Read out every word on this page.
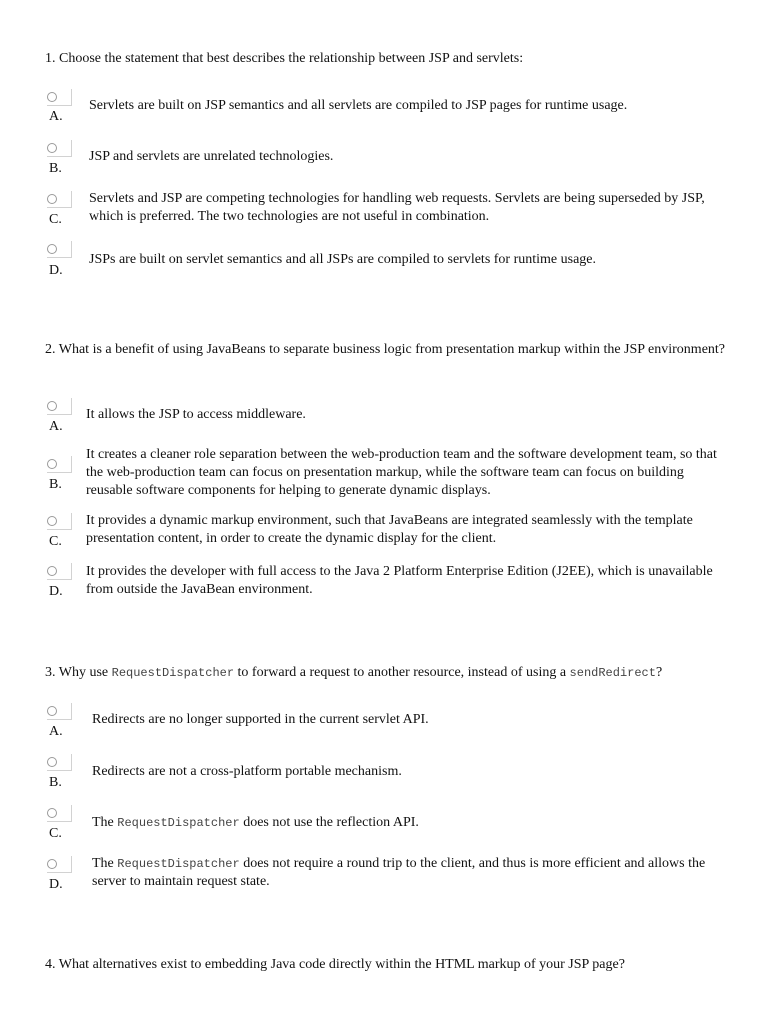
1. Choose the statement that best describes the relationship between JSP and servlets:
A.
Servlets are built on JSP semantics and all servlets are compiled to JSP pages for runtime usage.
B.
JSP and servlets are unrelated technologies.
C.
Servlets and JSP are competing technologies for handling web requests. Servlets are being superseded by JSP, which is preferred. The two technologies are not useful in combination.
D.
JSPs are built on servlet semantics and all JSPs are compiled to servlets for runtime usage.
2. What is a benefit of using JavaBeans to separate business logic from presentation markup within the JSP environment?
A.
It allows the JSP to access middleware.
B.
It creates a cleaner role separation between the web-production team and the software development team, so that the web-production team can focus on presentation markup, while the software team can focus on building reusable software components for helping to generate dynamic displays.
C.
It provides a dynamic markup environment, such that JavaBeans are integrated seamlessly with the template presentation content, in order to create the dynamic display for the client.
D.
It provides the developer with full access to the Java 2 Platform Enterprise Edition (J2EE), which is unavailable from outside the JavaBean environment.
3. Why use RequestDispatcher to forward a request to another resource, instead of using a sendRedirect?
A.
Redirects are no longer supported in the current servlet API.
B.
Redirects are not a cross-platform portable mechanism.
C.
The RequestDispatcher does not use the reflection API.
D.
The RequestDispatcher does not require a round trip to the client, and thus is more efficient and allows the server to maintain request state.
4. What alternatives exist to embedding Java code directly within the HTML markup of your JSP page?
